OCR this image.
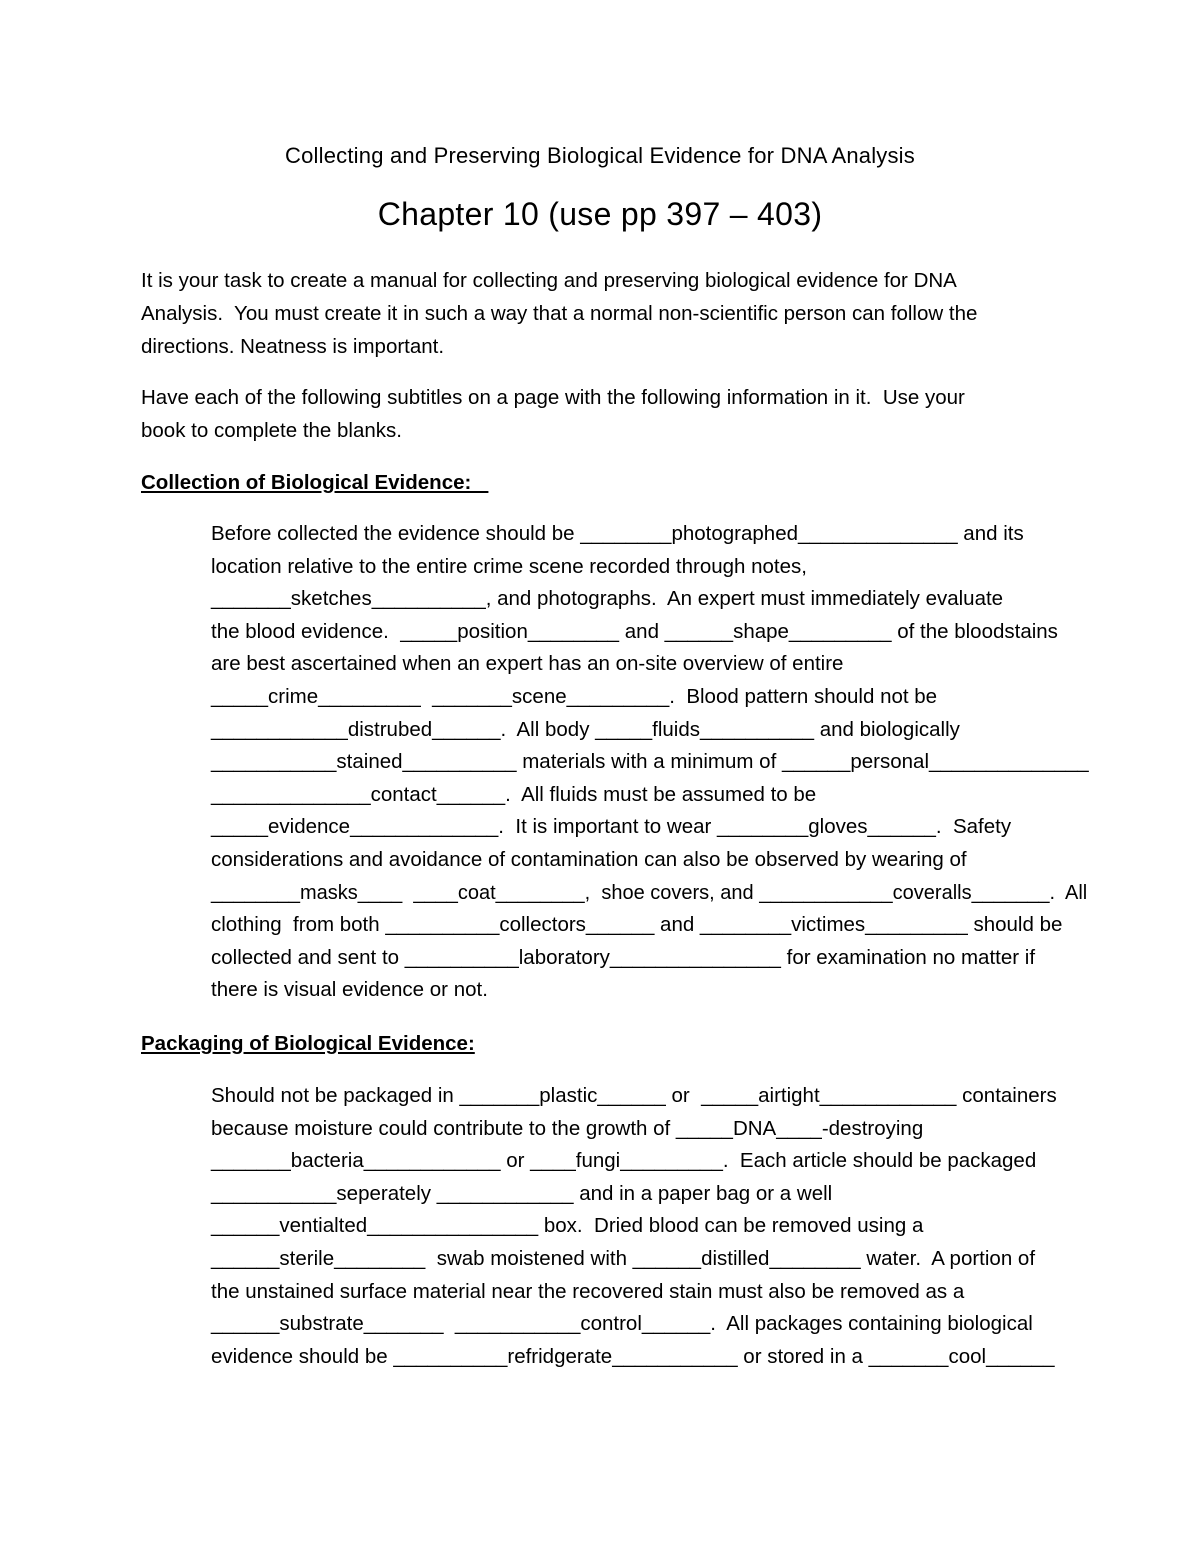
Collecting and Preserving Biological Evidence for DNA Analysis
Chapter 10 (use pp 397 – 403)
It is your task to create a manual for collecting and preserving biological evidence for DNA
Analysis.  You must create it in such a way that a normal non-scientific person can follow the
directions. Neatness is important.
Have each of the following subtitles on a page with the following information in it.  Use your
book to complete the blanks.
Collection of Biological Evidence:
Before collected the evidence should be ________photographed______________ and its
location relative to the entire crime scene recorded through notes,
_______sketches__________, and photographs.  An expert must immediately evaluate
the blood evidence.  _____position________ and ______shape_________ of the bloodstains
are best ascertained when an expert has an on-site overview of entire
_____crime_________  _______scene_________.  Blood pattern should not be
____________distrubed______.  All body _____fluids__________ and biologically
___________stained__________ materials with a minimum of ______personal______________
______________contact______.  All fluids must be assumed to be
_____evidence_____________.  It is important to wear ________gloves______.  Safety
considerations and avoidance of contamination can also be observed by wearing of
________masks____  ____coat________,  shoe covers, and ____________coveralls_______.  All
clothing  from both __________collectors______ and ________victimes_________ should be
collected and sent to __________laboratory_______________ for examination no matter if
there is visual evidence or not.
Packaging of Biological Evidence:
Should not be packaged in _______plastic______ or  _____airtight____________ containers
because moisture could contribute to the growth of _____DNA____-destroying
_______bacteria____________ or ____fungi_________.  Each article should be packaged
___________seperately ____________ and in a paper bag or a well
______ventialted_______________ box.  Dried blood can be removed using a
______sterile________  swab moistened with ______distilled________ water.  A portion of
the unstained surface material near the recovered stain must also be removed as a
______substrate_______  ___________control______.  All packages containing biological
evidence should be __________refridgerate___________ or stored in a _______cool______
